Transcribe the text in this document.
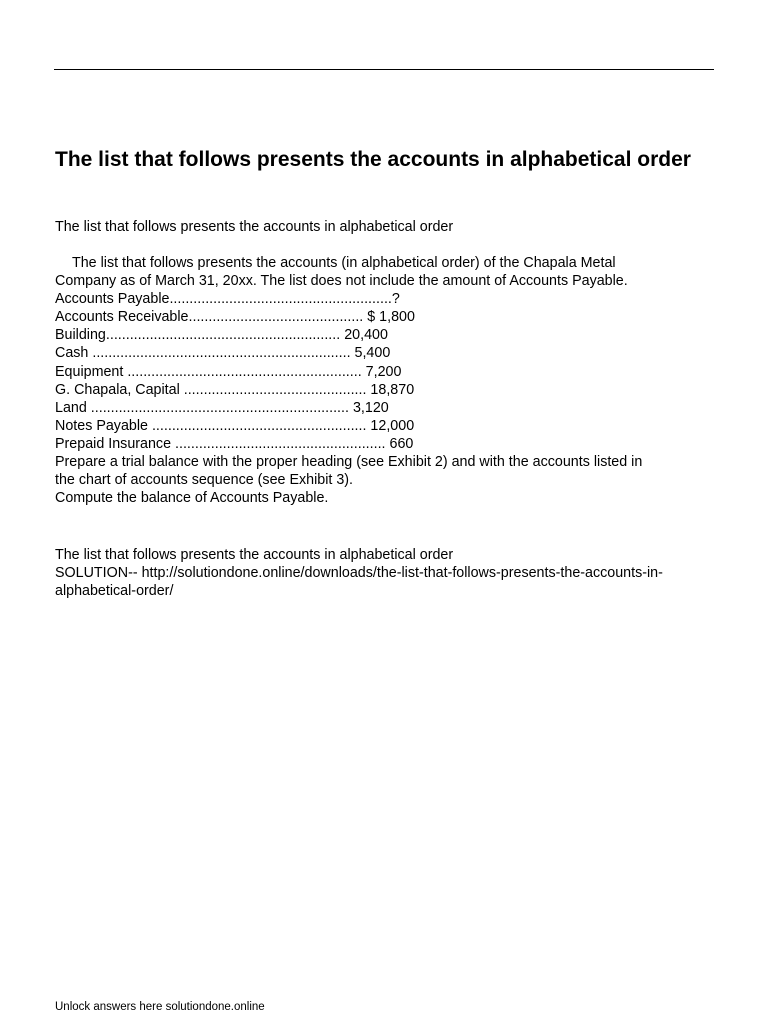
The list that follows presents the accounts in alphabetical order

The list that follows presents the accounts in alphabetical order

The list that follows presents the accounts (in alphabetical order) of the Chapala Metal
Company as of March 31, 20xx. The list does not include the amount of Accounts Payable.
Accounts Payable........................................................?
Accounts Receivable............................................ $ 1,800
Building........................................................... 20,400
Cash ................................................................. 5,400
Equipment ........................................................... 7,200
G. Chapala, Capital .............................................. 18,870
Land ................................................................. 3,120
Notes Payable ...................................................... 12,000
Prepaid Insurance ..................................................... 660
Prepare a trial balance with the proper heading (see Exhibit 2) and with the accounts listed in
the chart of accounts sequence (see Exhibit 3).
Compute the balance of Accounts Payable.
The list that follows presents the accounts in alphabetical order
SOLUTION-- http://solutiondone.online/downloads/the-list-that-follows-presents-the-accounts-in-
alphabetical-order/
Unlock answers here solutiondone.online
